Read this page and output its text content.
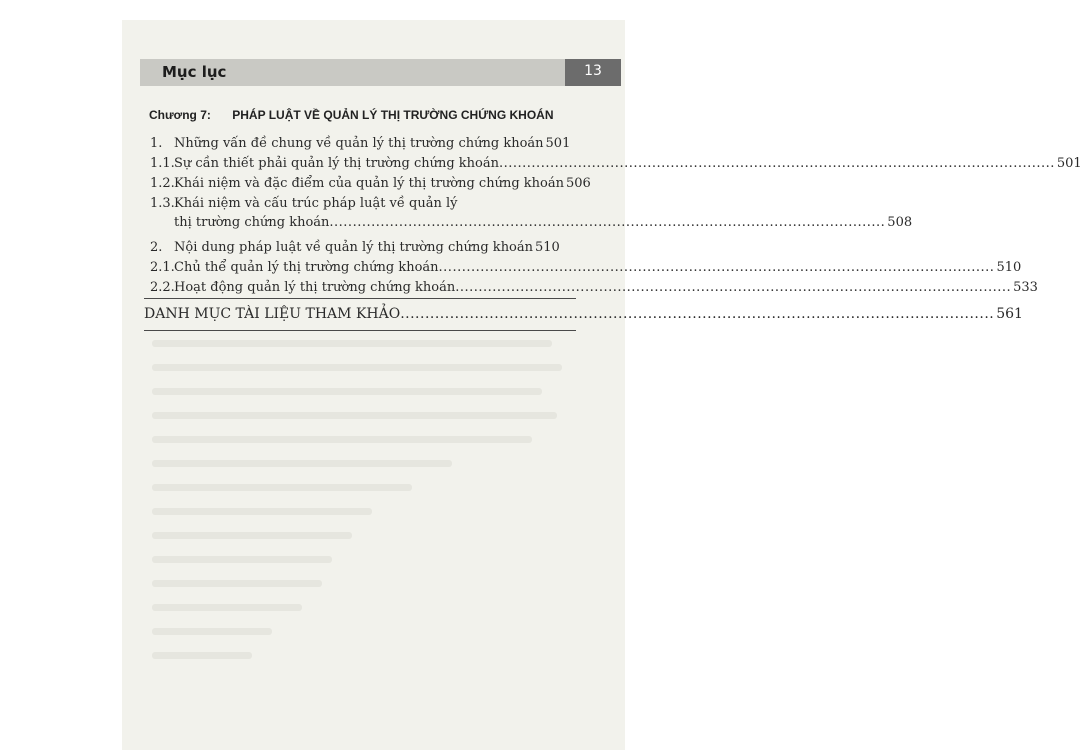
Mục lục	13
Chương 7: PHÁP LUẬT VỀ QUẢN LÝ THỊ TRƯỜNG CHỨNG KHOÁN
1. Những vấn đề chung về quản lý thị trường chứng khoán 501
1.1. Sự cần thiết phải quản lý thị trường chứng khoán ........................................................................................................................ 501
1.2. Khái niệm và đặc điểm của quản lý thị trường chứng khoán 506
1.3. Khái niệm và cấu trúc pháp luật về quản lý
thị trường chứng khoán ........................................................................................................................ 508
2. Nội dung pháp luật về quản lý thị trường chứng khoán 510
2.1. Chủ thể quản lý thị trường chứng khoán ........................................................................................................................ 510
2.2. Hoạt động quản lý thị trường chứng khoán ........................................................................................................................ 533
DANH MỤC TÀI LIỆU THAM KHẢO ........................................................................................................................ 561
